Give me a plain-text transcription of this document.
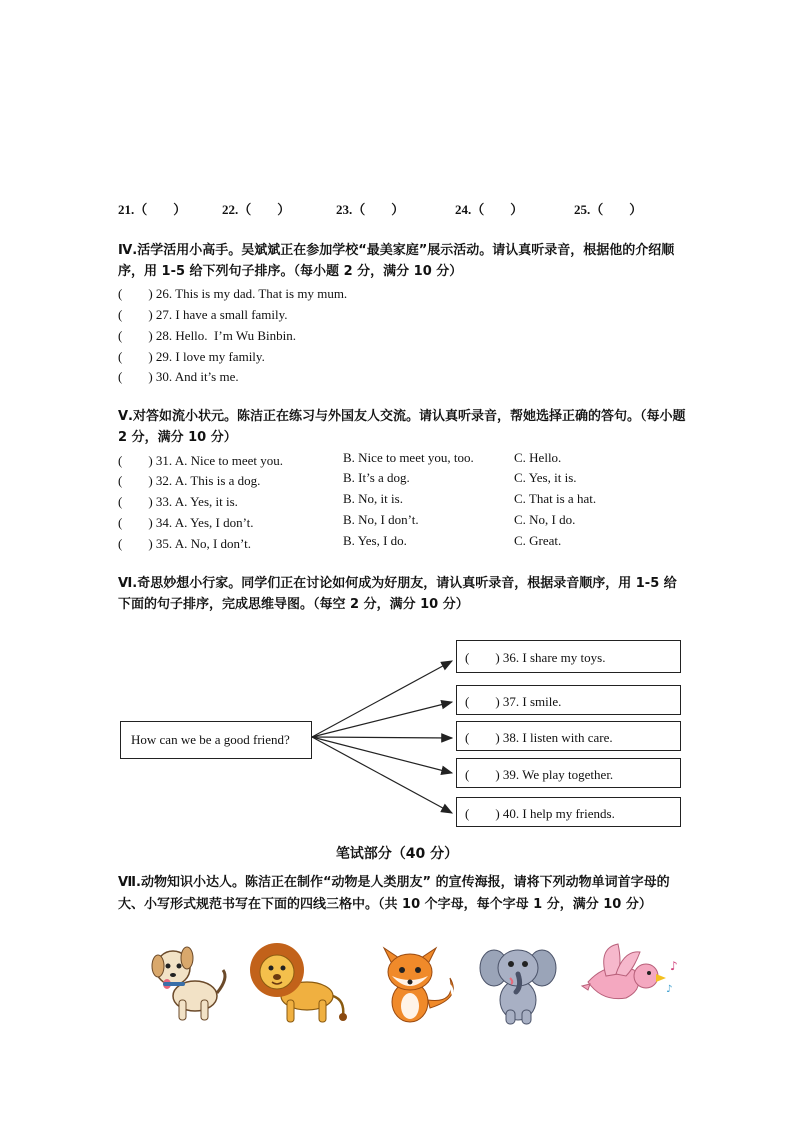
21.（　　）	22.（　　）	23.（　　）	24.（　　）	25.（　　）
Ⅳ.活学活用小高手。吴斌斌正在参加学校“最美家庭”展示活动。请认真听录音，根据他的介绍顺序，用 1-5 给下列句子排序。（每小题 2 分，满分 10 分）
(　　) 26. This is my dad. That is my mum.
(　　) 27. I have a small family.
(　　) 28. Hello.  I’m Wu Binbin.
(　　) 29. I love my family.
(　　) 30. And it’s me.
Ⅴ.对答如流小状元。陈洁正在练习与外国友人交流。请认真听录音，帮她选择正确的答句。（每小题 2 分，满分 10 分）
(　　) 31. A. Nice to meet you.	B. Nice to meet you, too.	C. Hello.
(　　) 32. A. This is a dog.	B. It’s a dog.	C. Yes, it is.
(　　) 33. A. Yes, it is.	B. No, it is.	C. That is a hat.
(　　) 34. A. Yes, I don’t.	B. No, I don’t.	C. No, I do.
(　　) 35. A. No, I don’t.	B. Yes, I do.	C. Great.
Ⅵ.奇思妙想小行家。同学们正在讨论如何成为好朋友，请认真听录音，根据录音顺序，用 1-5 给下面的句子排序，完成思维导图。（每空 2 分，满分 10 分）
How can we be a good friend?
(　　) 36. I share my toys.
(　　) 37. I smile.
(　　) 38. I listen with care.
(　　) 39. We play together.
(　　) 40. I help my friends.
笔试部分（40 分）
Ⅶ.动物知识小达人。陈洁正在制作“动物是人类朋友” 的宣传海报，请将下列动物单词首字母的大、小写形式规范书写在下面的四线三格中。（共 10 个字母，每个字母 1 分，满分 10 分）
♪
♪
